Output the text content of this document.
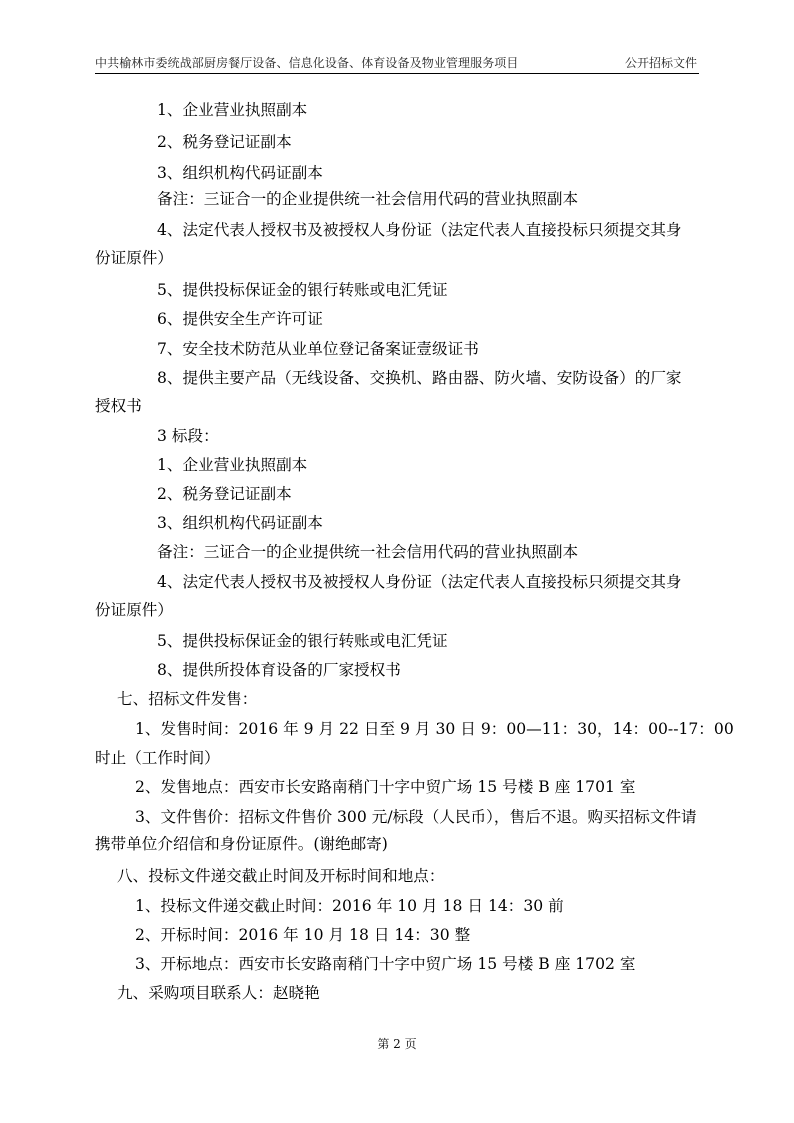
中共榆林市委统战部厨房餐厅设备、信息化设备、体育设备及物业管理服务项目	公开招标文件
1、企业营业执照副本
2、税务登记证副本
3、组织机构代码证副本
备注：三证合一的企业提供统一社会信用代码的营业执照副本
4、法定代表人授权书及被授权人身份证（法定代表人直接投标只须提交其身
份证原件）
5、提供投标保证金的银行转账或电汇凭证
6、提供安全生产许可证
7、安全技术防范从业单位登记备案证壹级证书
8、提供主要产品（无线设备、交换机、路由器、防火墙、安防设备）的厂家
授权书
3 标段：
1、企业营业执照副本
2、税务登记证副本
3、组织机构代码证副本
备注：三证合一的企业提供统一社会信用代码的营业执照副本
4、法定代表人授权书及被授权人身份证（法定代表人直接投标只须提交其身
份证原件）
5、提供投标保证金的银行转账或电汇凭证
8、提供所投体育设备的厂家授权书
七、招标文件发售：
1、发售时间：2016 年 9 月 22 日至 9 月 30 日 9：00—11：30，14：00--17：00
时止（工作时间）
2、发售地点：西安市长安路南稍门十字中贸广场 15 号楼 B 座 1701 室
3、文件售价：招标文件售价 300 元/标段（人民币），售后不退。购买招标文件请
携带单位介绍信和身份证原件。(谢绝邮寄)
八、投标文件递交截止时间及开标时间和地点：
1、投标文件递交截止时间：2016 年 10 月 18 日 14：30 前
2、开标时间：2016 年 10 月 18 日 14：30 整
3、开标地点：西安市长安路南稍门十字中贸广场 15 号楼 B 座 1702 室
九、采购项目联系人：赵晓艳
第 2 页
